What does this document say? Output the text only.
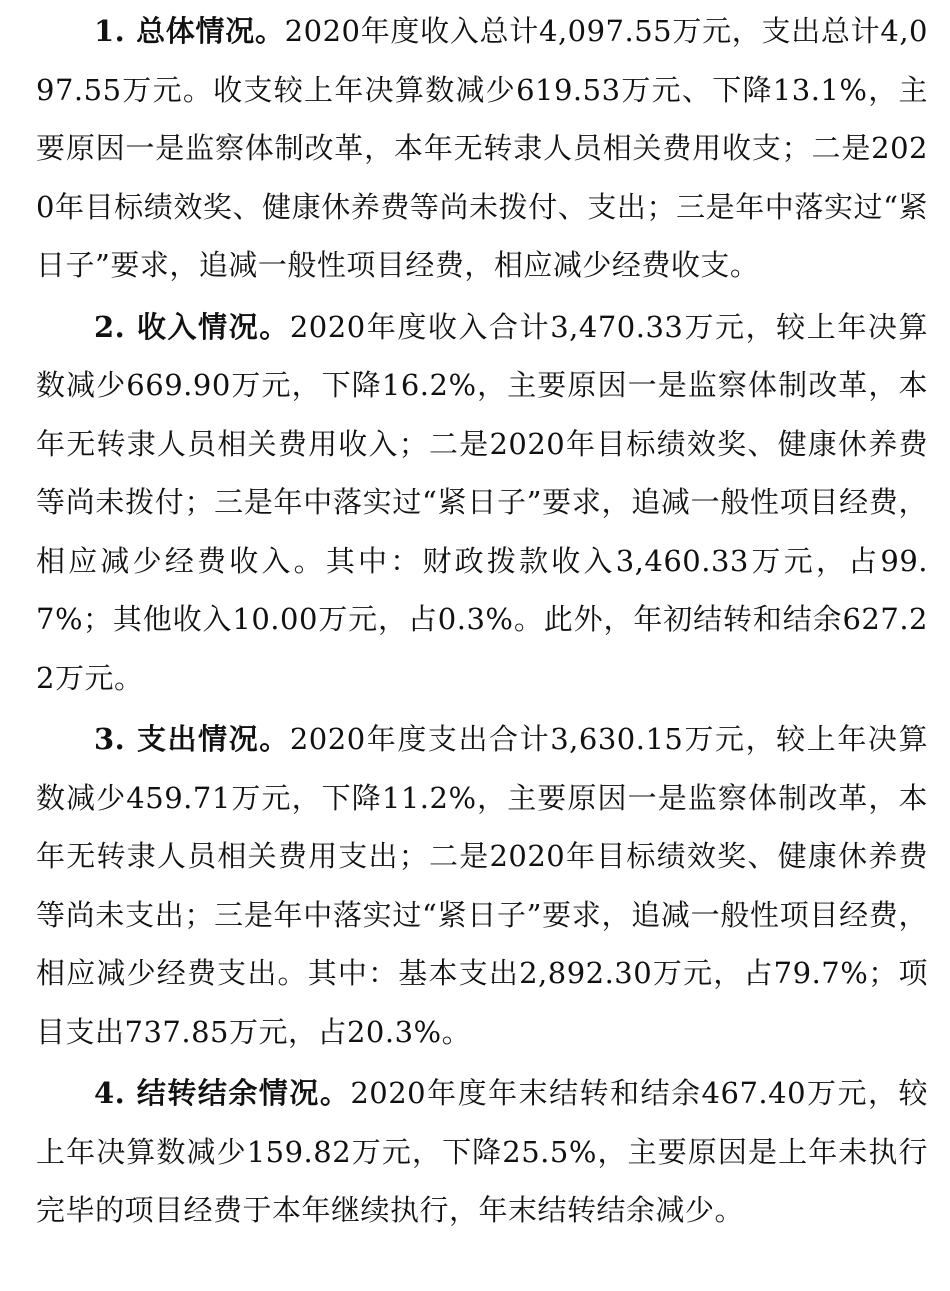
1. 总体情况。2020年度收入总计4,097.55万元，支出总计4,097.55万元。收支较上年决算数减少619.53万元、下降13.1%，主要原因一是监察体制改革，本年无转隶人员相关费用收支；二是2020年目标绩效奖、健康休养费等尚未拨付、支出；三是年中落实过“紧日子”要求，追减一般性项目经费，相应减少经费收支。

2. 收入情况。2020年度收入合计3,470.33万元，较上年决算数减少669.90万元，下降16.2%，主要原因一是监察体制改革，本年无转隶人员相关费用收入；二是2020年目标绩效奖、健康休养费等尚未拨付；三是年中落实过“紧日子”要求，追减一般性项目经费，相应减少经费收入。其中：财政拨款收入3,460.33万元，占99.7%；其他收入10.00万元，占0.3%。此外，年初结转和结余627.22万元。

3. 支出情况。2020年度支出合计3,630.15万元，较上年决算数减少459.71万元，下降11.2%，主要原因一是监察体制改革，本年无转隶人员相关费用支出；二是2020年目标绩效奖、健康休养费等尚未支出；三是年中落实过“紧日子”要求，追减一般性项目经费，相应减少经费支出。其中：基本支出2,892.30万元，占79.7%；项目支出737.85万元，占20.3%。

4. 结转结余情况。2020年度年末结转和结余467.40万元，较上年决算数减少159.82万元，下降25.5%，主要原因是上年未执行完毕的项目经费于本年继续执行，年末结转结余减少。
